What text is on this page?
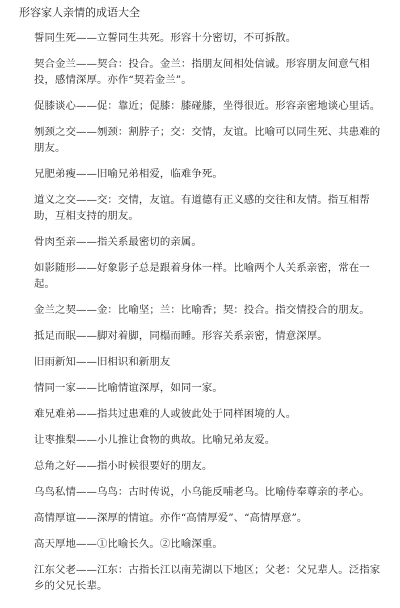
形容家人亲情的成语大全

誓同生死——立誓同生共死。形容十分密切，不可拆散。

契合金兰——契合：投合。金兰：指朋友间相处信诚。形容朋友间意气相投，感情深厚。亦作“契若金兰”。

促膝谈心——促：靠近；促膝：膝碰膝，坐得很近。形容亲密地谈心里话。

刎颈之交——刎颈：割脖子；交：交情，友谊。比喻可以同生死、共患难的朋友。

兄肥弟瘦——旧喻兄弟相爱，临难争死。

道义之交——交：交情，友谊。有道德有正义感的交往和友情。指互相帮助，互相支持的朋友。

骨肉至亲——指关系最密切的亲属。

如影随形——好象影子总是跟着身体一样。比喻两个人关系亲密，常在一起。

金兰之契——金：比喻坚；兰：比喻香；契：投合。指交情投合的朋友。

抵足而眠——脚对着脚，同榻而睡。形容关系亲密，情意深厚。

旧雨新知——旧相识和新朋友

情同一家——比喻情谊深厚，如同一家。

难兄难弟——指共过患难的人或彼此处于同样困境的人。

让枣推梨——小儿推让食物的典故。比喻兄弟友爱。

总角之好——指小时候很要好的朋友。

乌鸟私情——乌鸟：古时传说，小乌能反哺老乌。比喻侍奉尊亲的孝心。

高情厚谊——深厚的情谊。亦作“高情厚爱”、“高情厚意”。

高天厚地——①比喻长久。②比喻深重。

江东父老——江东：古指长江以南芜湖以下地区；父老：父兄辈人。泛指家乡的父兄长辈。
